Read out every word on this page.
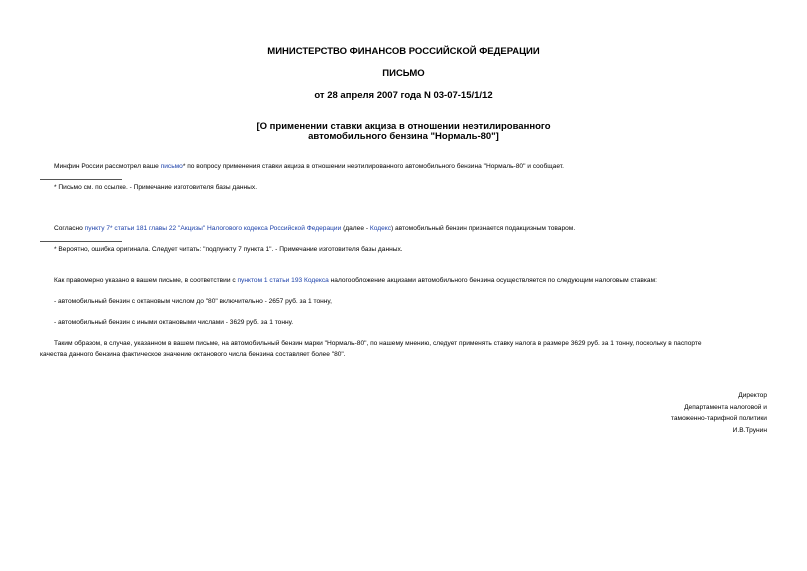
МИНИСТЕРСТВО ФИНАНСОВ РОССИЙСКОЙ ФЕДЕРАЦИИ
ПИСЬМО
от 28 апреля 2007 года N 03-07-15/1/12
[О применении ставки акциза в отношении неэтилированного
автомобильного бензина "Нормаль-80"]
Минфин России рассмотрел ваше письмо* по вопросу применения ставки акциза в отношении неэтилированного автомобильного бензина "Нормаль-80" и сообщает.
* Письмо см. по ссылке. - Примечание изготовителя базы данных.
Согласно пункту 7* статьи 181 главы 22 "Акцизы" Налогового кодекса Российской Федерации (далее - Кодекс) автомобильный бензин признается подакцизным товаром.
* Вероятно, ошибка оригинала. Следует читать: "подпункту 7 пункта 1". - Примечание изготовителя базы данных.
Как правомерно указано в вашем письме, в соответствии с пунктом 1 статьи 193 Кодекса налогообложение акцизами автомобильного бензина осуществляется по следующим налоговым ставкам:
- автомобильный бензин с октановым числом до "80" включительно - 2657 руб. за 1 тонну,
- автомобильный бензин с иными октановыми числами - 3629 руб. за 1 тонну.
Таким образом, в случае, указанном в вашем письме, на автомобильный бензин марки "Нормаль-80", по нашему мнению, следует применять ставку налога в размере 3629 руб. за 1 тонну, поскольку в паспорте
качества данного бензина фактическое значение октанового числа бензина составляет более "80".
Директор
Департамента налоговой и
таможенно-тарифной политики
И.В.Трунин
